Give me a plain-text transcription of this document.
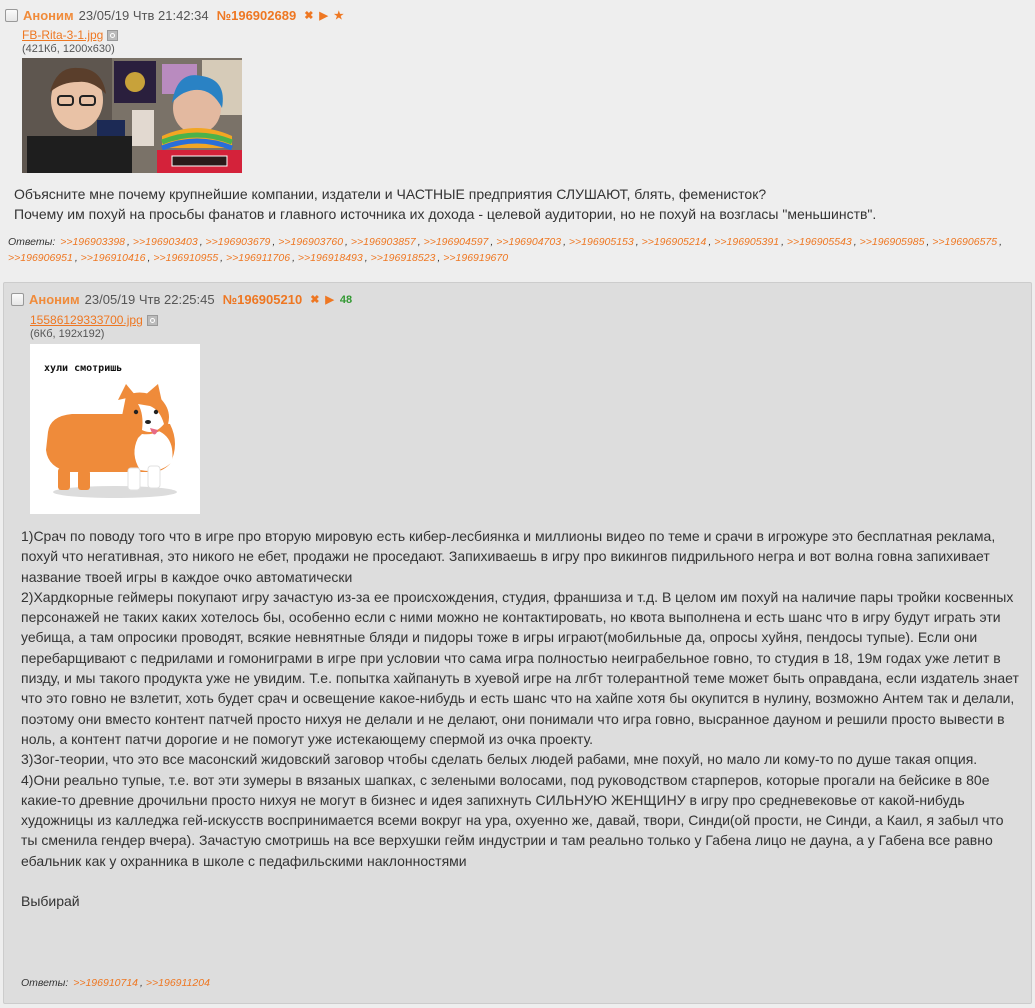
Аноним 23/05/19 Чтв 21:42:34 №196902689 ✖ ▶ ★
FB-Rita-3-1.jpg
(421Кб, 1200x630)

Объясните мне почему крупнейшие компании, издатели и ЧАСТНЫЕ предприятия СЛУШАЮТ, блять, феменисток?

Почему им похуй на просьбы фанатов и главного источника их дохода - целевой аудитории, но не похуй на возгласы "меньшинств".

Ответы: >>196903398 , >>196903403 , >>196903679 , >>196903760 , >>196903857 , >>196904597 , >>196904703 , >>196905153 , >>196905214 , >>196905391 , >>196905543 , >>196905985 , >>196906575 , >>196906951 , >>196910416 , >>196910955 , >>196911706 , >>196918493 , >>196918523 , >>196919670
Аноним 23/05/19 Чтв 22:25:45 №196905210 ✖ ▶ 48
15586129333700.jpg
(6Кб, 192x192)
хули смотришь

1)Срач по поводу того что в игре про вторую мировую есть кибер-лесбиянка и миллионы видео по теме и срачи в игрожуре это бесплатная реклама, похуй что негативная, это никого не ебет, продажи не проседают. Запихиваешь в игру про викингов пидрильного негра и вот волна говна запихивает название твоей игры в каждое очко автоматически

2)Хардкорные геймеры покупают игру зачастую из-за ее происхождения, студия, франшиза и т.д. В целом им похуй на наличие пары тройки косвенных персонажей не таких каких хотелось бы, особенно если с ними можно не контактировать, но квота выполнена и есть шанс что в игру будут играть эти уебища, а там опросики проводят, всякие невнятные бляди и пидоры тоже в игры играют(мобильные да, опросы хуйня, пендосы тупые). Если они перебарщивают с педрилами и гомониграми в игре при условии что сама игра полностью неиграбельное говно, то студия в 18, 19м годах уже летит в пизду, и мы такого продукта уже не увидим. Т.е. попытка хайпануть в хуевой игре на лгбт толерантной теме может быть оправдана, если издатель знает что это говно не взлетит, хоть будет срач и освещение какое-нибудь и есть шанс что на хайпе хотя бы окупится в нулину, возможно Антем так и делали, поэтому они вместо контент патчей просто нихуя не делали и не делают, они понимали что игра говно, высранное дауном и решили просто вывести в ноль, а контент патчи дорогие и не помогут уже истекающему спермой из очка проекту.

3)Зог-теории, что это все масонский жидовский заговор чтобы сделать белых людей рабами, мне похуй, но мало ли кому-то по душе такая опция.

4)Они реально тупые, т.е. вот эти зумеры в вязаных шапках, с зелеными волосами, под руководством старперов, которые прогали на бейсике в 80е какие-то древние дрочильни просто нихуя не могут в бизнес и идея запихнуть СИЛЬНУЮ ЖЕНЩИНУ в игру про средневековье от какой-нибудь художницы из калледжа гей-искусств воспринимается всеми вокруг на ура, охуенно же, давай, твори, Синди(ой прости, не Синди, а Каил, я забыл что ты сменила гендер вчера). Зачастую смотришь на все верхушки гейм индустрии и там реально только у Габена лицо не дауна, а у Габена все равно ебальник как у охранника в школе с педафильскими наклонностями

Выбирай

Ответы: >>196910714 , >>196911204
